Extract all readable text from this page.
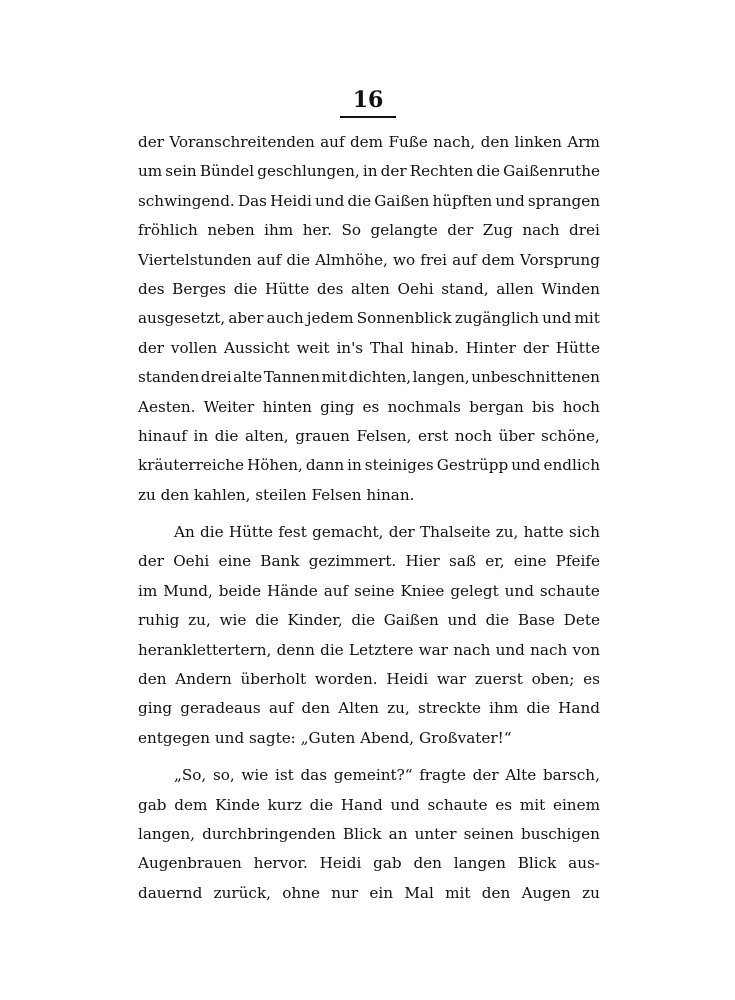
16
der Voranschreitenden auf dem Fuße nach, den linken Arm
um sein Bündel geschlungen, in der Rechten die Gaißenruthe
schwingend. Das Heidi und die Gaißen hüpften und sprangen
fröhlich neben ihm her. So gelangte der Zug nach drei
Viertelstunden auf die Almhöhe, wo frei auf dem Vorsprung
des Berges die Hütte des alten Oehi stand, allen Winden
ausgesetzt, aber auch jedem Sonnenblick zugänglich und mit
der vollen Aussicht weit in's Thal hinab. Hinter der Hütte
standen drei alte Tannen mit dichten, langen, unbeschnittenen
Aesten. Weiter hinten ging es nochmals bergan bis hoch
hinauf in die alten, grauen Felsen, erst noch über schöne,
kräuterreiche Höhen, dann in steiniges Gestrüpp und endlich
zu den kahlen, steilen Felsen hinan.
An die Hütte fest gemacht, der Thalseite zu, hatte sich
der Oehi eine Bank gezimmert. Hier saß er, eine Pfeife
im Mund, beide Hände auf seine Kniee gelegt und schaute
ruhig zu, wie die Kinder, die Gaißen und die Base Dete
heranklettertern, denn die Letztere war nach und nach von
den Andern überholt worden. Heidi war zuerst oben; es
ging geradeaus auf den Alten zu, streckte ihm die Hand
entgegen und sagte: „Guten Abend, Großvater!“
„So, so, wie ist das gemeint?“ fragte der Alte barsch,
gab dem Kinde kurz die Hand und schaute es mit einem
langen, durchbringenden Blick an unter seinen buschigen
Augenbrauen hervor. Heidi gab den langen Blick aus-
dauernd zurück, ohne nur ein Mal mit den Augen zu
